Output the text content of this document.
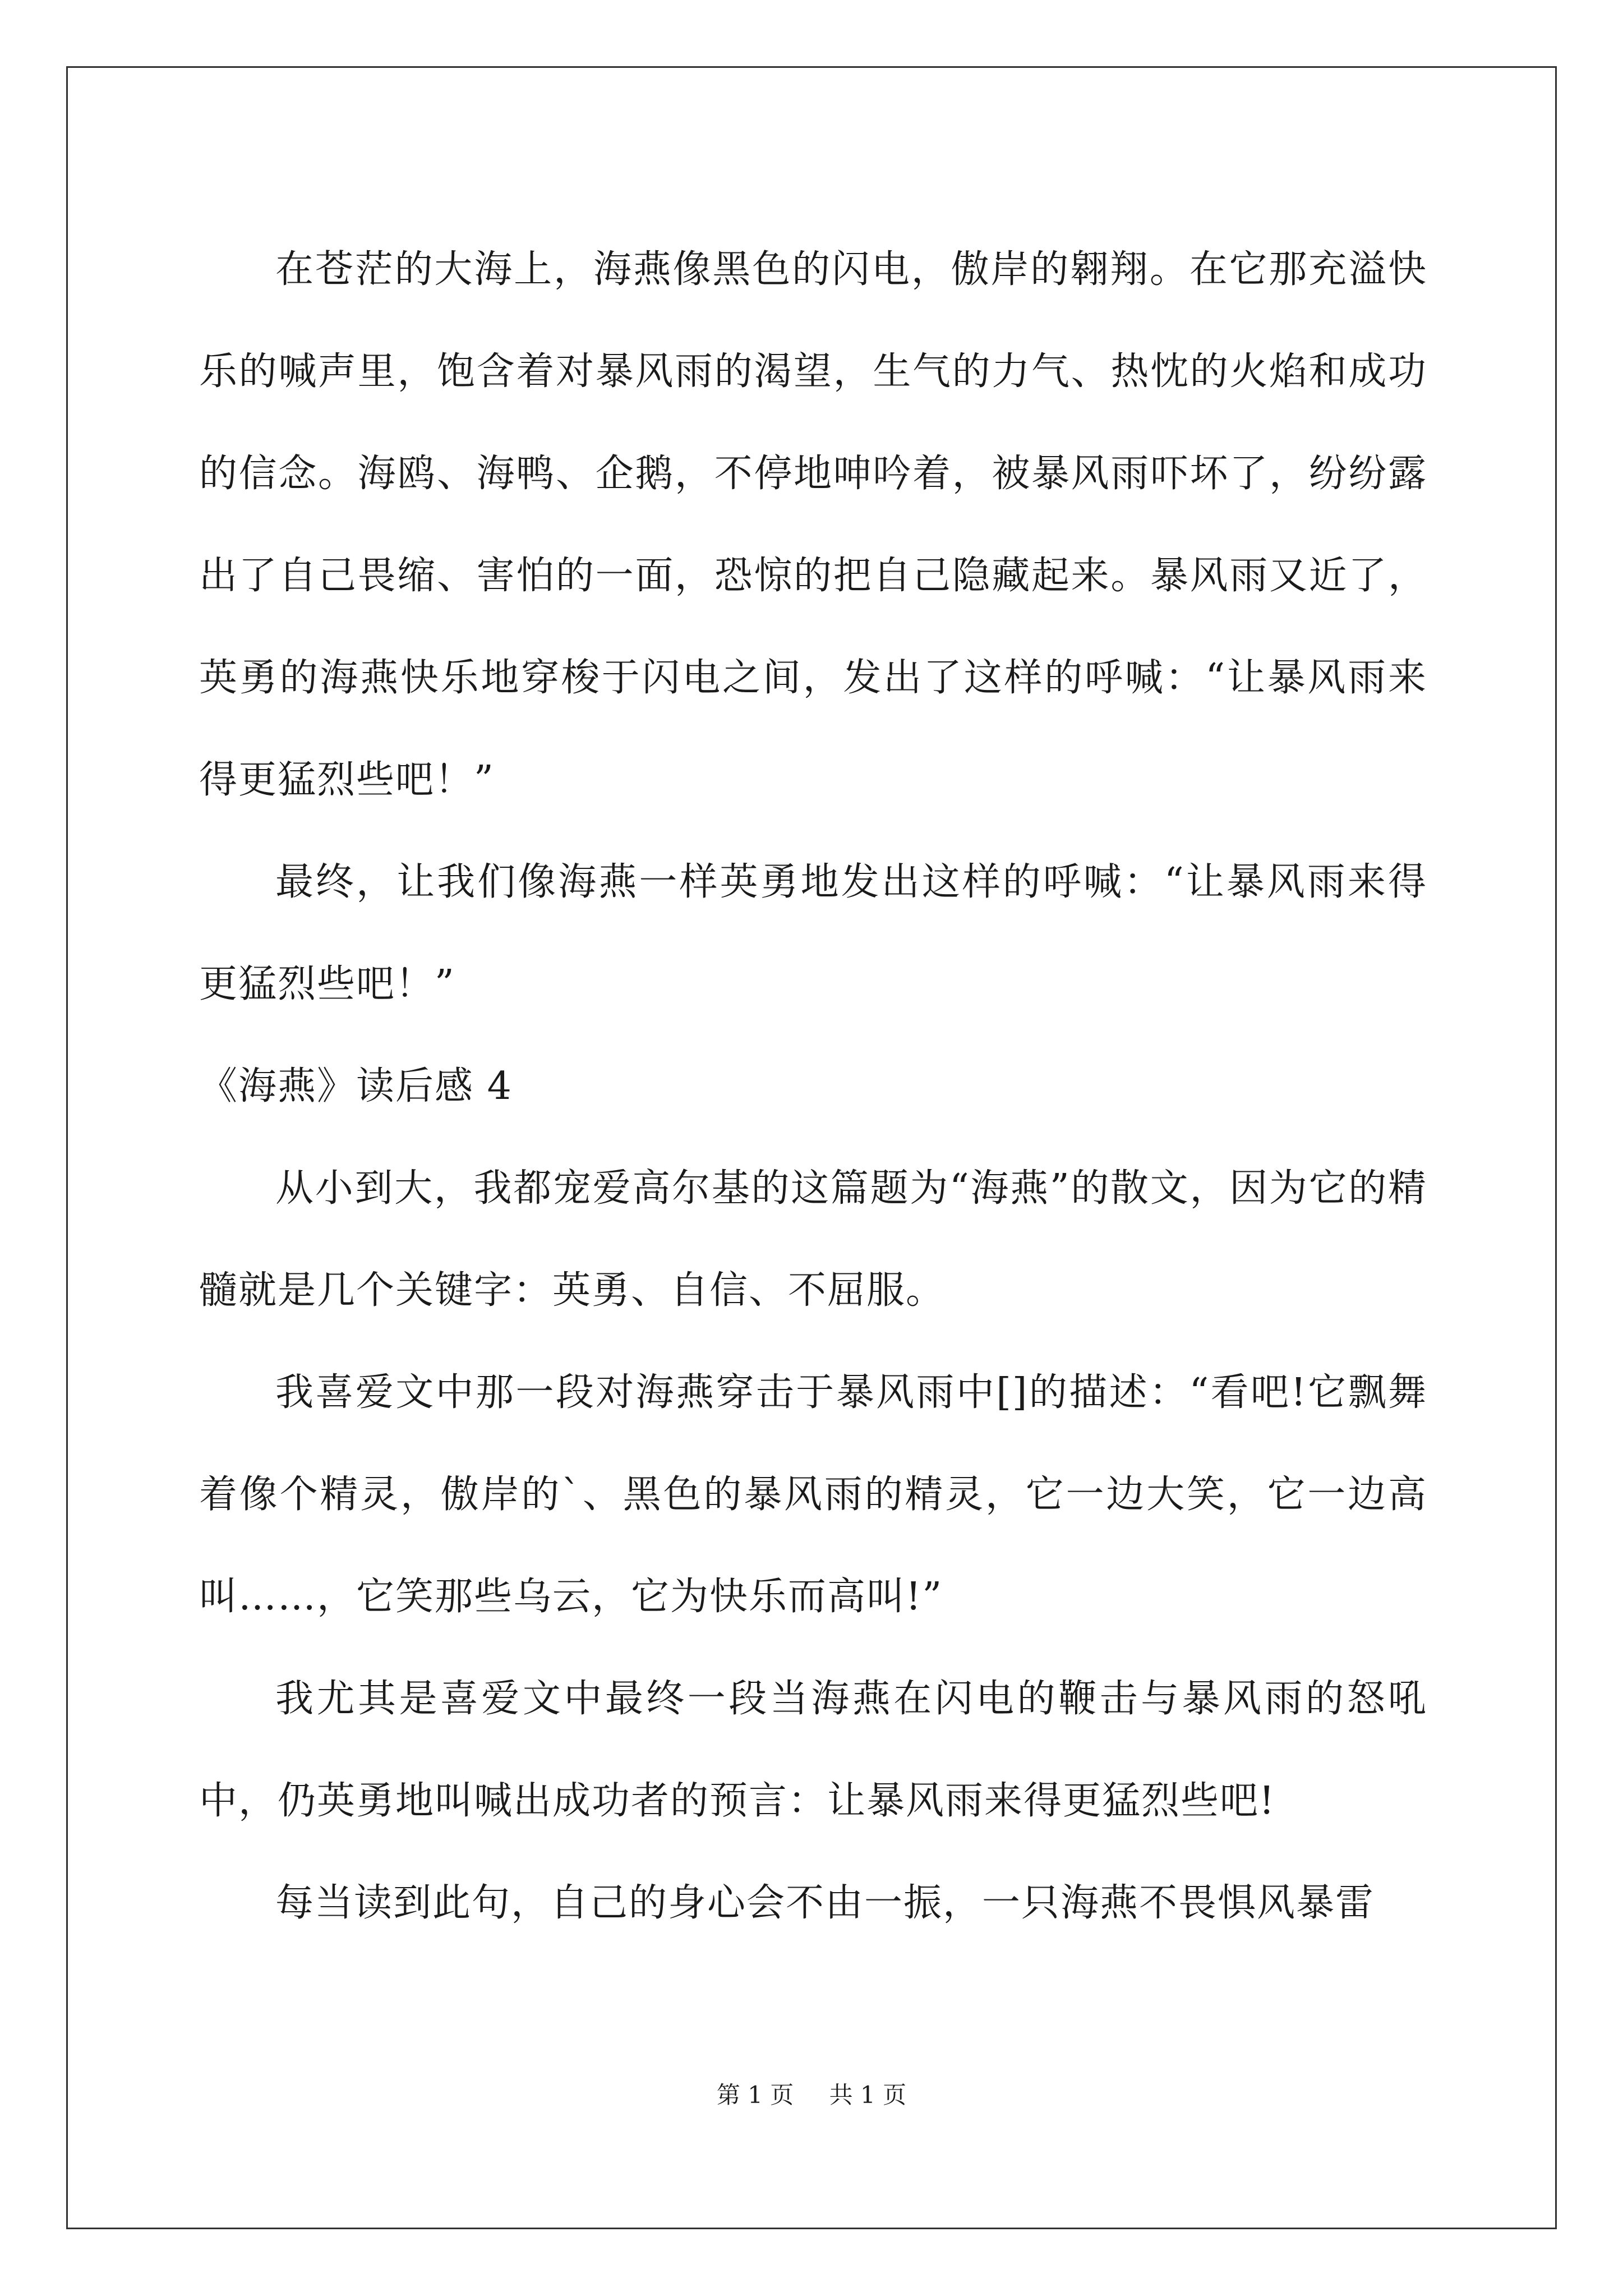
在苍茫的大海上，海燕像黑色的闪电，傲岸的翱翔。在它那充溢快乐的喊声里，饱含着对暴风雨的渴望，生气的力气、热忱的火焰和成功的信念。海鸥、海鸭、企鹅，不停地呻吟着，被暴风雨吓坏了，纷纷露出了自己畏缩、害怕的一面，恐惊的把自己隐藏起来。暴风雨又近了，英勇的海燕快乐地穿梭于闪电之间，发出了这样的呼喊：“让暴风雨来得更猛烈些吧！”

最终，让我们像海燕一样英勇地发出这样的呼喊：“让暴风雨来得更猛烈些吧！”

《海燕》读后感 4

从小到大，我都宠爱高尔基的这篇题为“海燕”的散文，因为它的精髓就是几个关键字：英勇、自信、不屈服。

我喜爱文中那一段对海燕穿击于暴风雨中[]的描述：“看吧!它飘舞着像个精灵，傲岸的`、黑色的暴风雨的精灵，它一边大笑，它一边高叫……，它笑那些乌云，它为快乐而高叫!”

我尤其是喜爱文中最终一段当海燕在闪电的鞭击与暴风雨的怒吼中，仍英勇地叫喊出成功者的预言：让暴风雨来得更猛烈些吧!

每当读到此句，自己的身心会不由一振，一只海燕不畏惧风暴雷

第 1 页 共 1 页
